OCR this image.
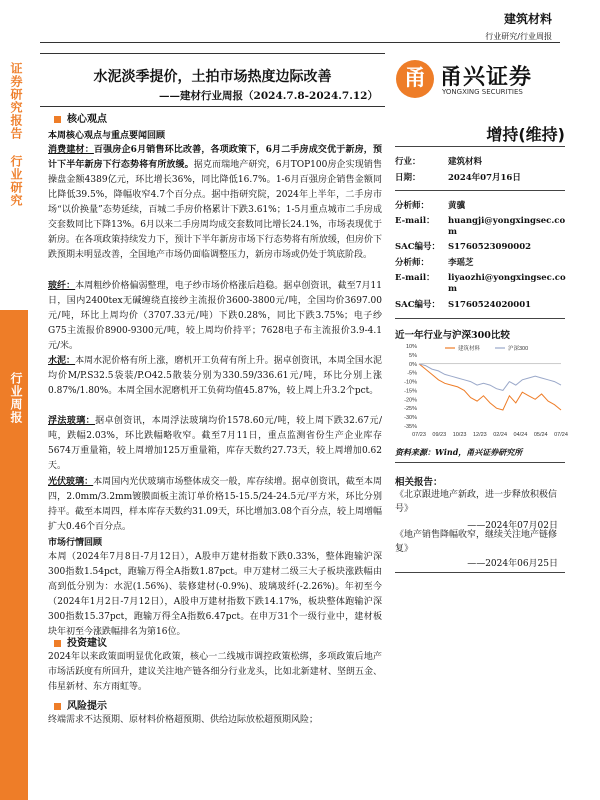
证券研究报告 行业研究
行业周报
建筑材料
行业研究/行业周报
水泥淡季提价，土拍市场热度边际改善
——建材行业周报（2024.7.8-2024.7.12）
甬 甬兴证券
YONGXING SECURITIES
增持(维持)
行业：	建筑材料
日期：	2024年07月16日
分析师： 黄骥
E-mail： huangji@yongxingsec.com
SAC编号： S1760523090002
分析师： 李瑶芝
E-mail： liyaozhi@yongxingsec.com
SAC编号： S1760524020001
近一年行业与沪深300比较
10%
5%
0%
-5%
-10%
-15%
-20%
-25%
-30%
-35%
07/23 09/23 10/23 12/23 02/24 04/24 05/24 07/24
建筑材料	沪深300
资料来源：Wind，甬兴证券研究所
相关报告：
《北京跟进地产新政，进一步释放积极信号》
——2024年07月02日
《地产销售降幅收窄，继续关注地产链修复》
——2024年06月25日
核心观点
本周核心观点与重点要闻回顾

消费建材：百强房企6月销售环比改善，各项政策下，6月二手房成交优于新房，预计下半年新房下行态势将有所放缓。据克而瑞地产研究，6月TOP100房企实现销售操盘金额4389亿元，环比增长36%，同比降低16.7%。1-6月百强房企销售金额同比降低39.5%，降幅收窄4.7个百分点。据中指研究院，2024年上半年，二手房市场“以价换量”态势延续，百城二手房价格累计下跌3.61%；1-5月重点城市二手房成交套数同比下降13%。6月以来二手房周均成交套数同比增长24.1%，市场表现优于新房。在各项政策持续发力下，预计下半年新房市场下行态势将有所放缓，但房价下跌预期未明显改善，全国地产市场仍面临调整压力，新房市场或仍处于筑底阶段。

玻纤：本周粗纱价格偏弱整理，电子纱市场价格涨后趋稳。据卓创资讯，截至7月11日，国内2400tex无碱缠绕直接纱主流报价3600-3800元/吨，全国均价3697.00元/吨，环比上周均价（3707.33元/吨）下跌0.28%，同比下跌3.75%；电子纱G75主流报价8900-9300元/吨，较上周均价持平；7628电子布主流报价3.9-4.1元/米。

水泥：本周水泥价格有所上涨，磨机开工负荷有所上升。据卓创资讯，本周全国水泥均价M/P.S32.5袋装/P.O42.5散装分别为330.59/336.61元/吨，环比分别上涨0.87%/1.80%。本周全国水泥磨机开工负荷均值45.87%，较上周上升3.2个pct。

浮法玻璃：据卓创资讯，本周浮法玻璃均价1578.60元/吨，较上周下跌32.67元/吨，跌幅2.03%，环比跌幅略收窄。截至7月11日，重点监测省份生产企业库存5674万重量箱，较上周增加125万重量箱，库存天数约27.73天，较上周增加0.62天。

光伏玻璃：本周国内光伏玻璃市场整体成交一般，库存续增。据卓创资讯，截至本周四，2.0mm/3.2mm镀膜面板主流订单价格15-15.5/24-24.5元/平方米，环比分别持平。截至本周四，样本库存天数约31.09天，环比增加3.08个百分点，较上周增幅扩大0.46个百分点。

市场行情回顾

本周（2024年7月8日-7月12日），A股申万建材指数下跌0.33%，整体跑输沪深300指数1.54pct，跑输万得全A指数1.87pct。申万建材二级三大子板块涨跌幅由高到低分别为：水泥(1.56%)、装修建材(-0.9%)、玻璃玻纤(-2.26%)。年初至今（2024年1月2日-7月12日），A股申万建材指数下跌14.17%，板块整体跑输沪深300指数15.37pct，跑输万得全A指数6.47pct。在申万31个一级行业中，建材板块年初至今涨跌幅排名为第16位。

投资建议

2024年以来政策面明显优化政策，核心一二线城市调控政策松绑，多项政策后地产市场活跃度有所回升，建议关注地产链各细分行业龙头，比如北新建材、坚朗五金、伟星新材、东方雨虹等。

风险提示

终端需求不达预期、原材料价格超预期、供给边际放松超预期风险；
